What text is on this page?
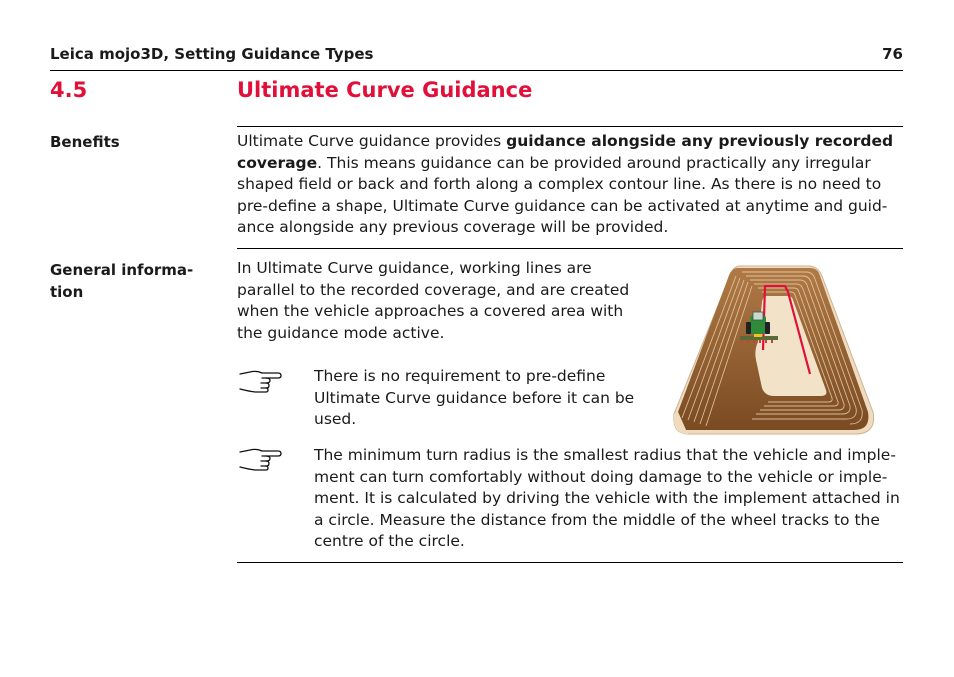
Leica mojo3D, Setting Guidance Types	76
4.5	Ultimate Curve Guidance
Benefits	Ultimate Curve guidance provides guidance alongside any previously recorded coverage. This means guidance can be provided around practically any irregular shaped field or back and forth along a complex contour line. As there is no need to pre-define a shape, Ultimate Curve guidance can be activated at anytime and guid-ance alongside any previous coverage will be provided.
General informa-tion
In Ultimate Curve guidance, working lines are parallel to the recorded coverage, and are created when the vehicle approaches a covered area with the guidance mode active.
There is no requirement to pre-define Ultimate Curve guidance before it can be used.
The minimum turn radius is the smallest radius that the vehicle and imple-ment can turn comfortably without doing damage to the vehicle or imple-ment. It is calculated by driving the vehicle with the implement attached in a circle. Measure the distance from the middle of the wheel tracks to the centre of the circle.
